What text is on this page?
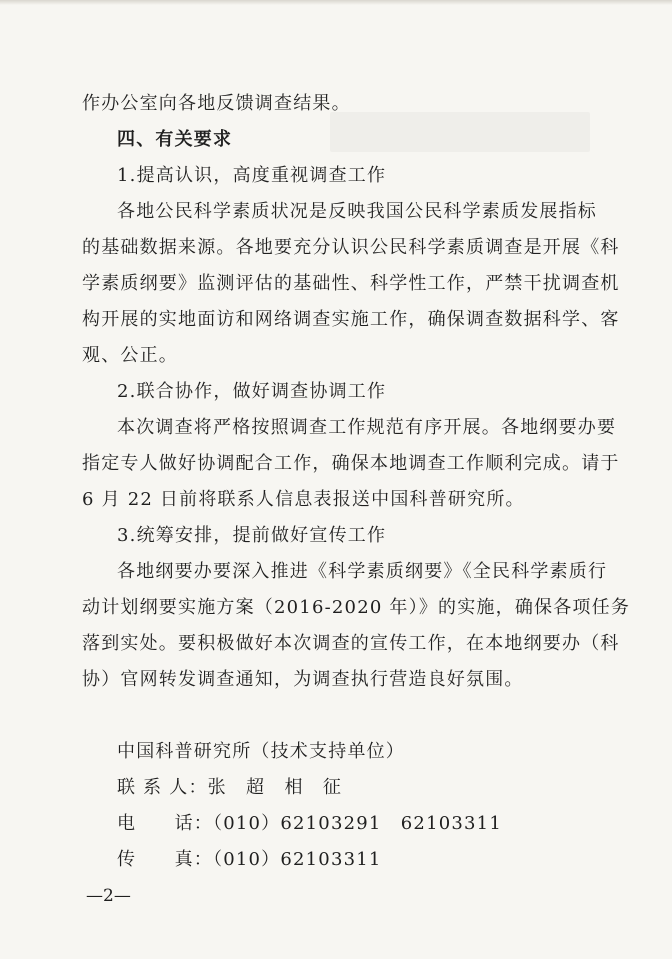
作办公室向各地反馈调查结果。
四、有关要求
1.提高认识，高度重视调查工作
各地公民科学素质状况是反映我国公民科学素质发展指标
的基础数据来源。各地要充分认识公民科学素质调查是开展《科
学素质纲要》监测评估的基础性、科学性工作，严禁干扰调查机
构开展的实地面访和网络调查实施工作，确保调查数据科学、客
观、公正。
2.联合协作，做好调查协调工作
本次调查将严格按照调查工作规范有序开展。各地纲要办要
指定专人做好协调配合工作，确保本地调查工作顺利完成。请于
6 月 22 日前将联系人信息表报送中国科普研究所。
3.统筹安排，提前做好宣传工作
各地纲要办要深入推进《科学素质纲要》《全民科学素质行
动计划纲要实施方案（2016-2020 年）》的实施，确保各项任务
落到实处。要积极做好本次调查的宣传工作，在本地纲要办（科
协）官网转发调查通知，为调查执行营造良好氛围。
中国科普研究所（技术支持单位）
联 系 人：张　超　相　征
电　　话：（010）62103291　62103311
传　　真：（010）62103311
—2—
